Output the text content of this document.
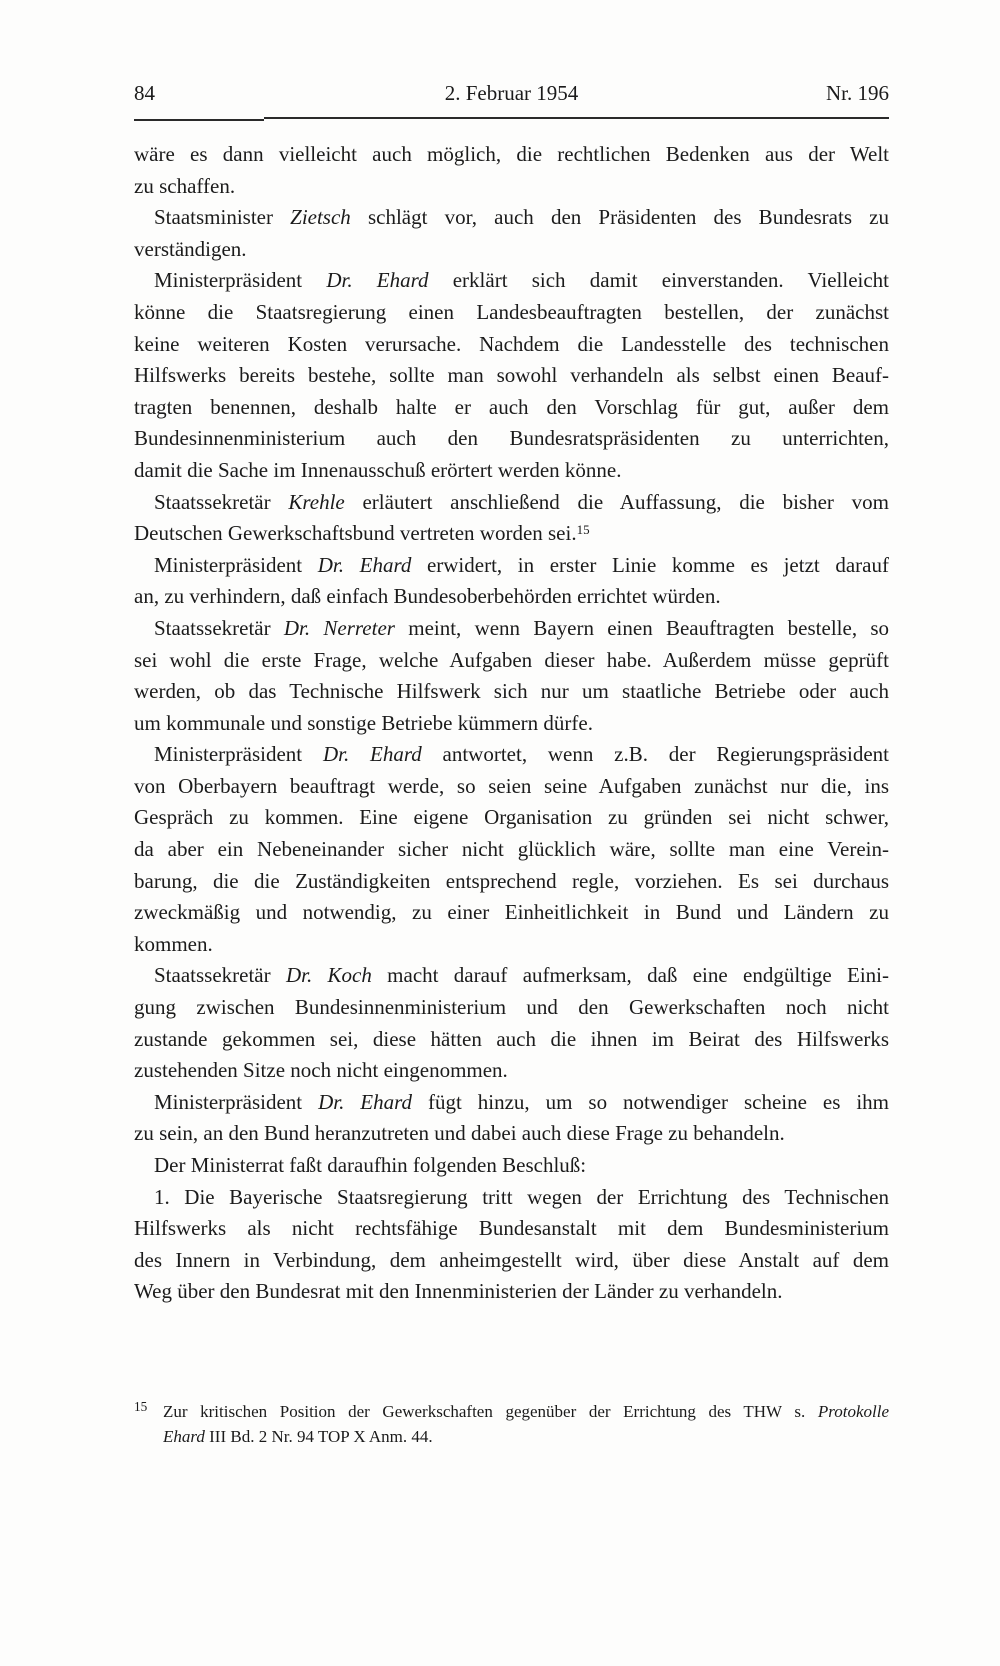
84	2. Februar 1954	Nr. 196
wäre es dann vielleicht auch möglich, die rechtlichen Bedenken aus der Welt
zu schaffen.
Staatsminister Zietsch schlägt vor, auch den Präsidenten des Bundesrats zu
verständigen.
Ministerpräsident Dr. Ehard erklärt sich damit einverstanden. Vielleicht
könne die Staatsregierung einen Landesbeauftragten bestellen, der zunächst
keine weiteren Kosten verursache. Nachdem die Landesstelle des technischen
Hilfswerks bereits bestehe, sollte man sowohl verhandeln als selbst einen Beauf-
tragten benennen, deshalb halte er auch den Vorschlag für gut, außer dem
Bundesinnenministerium auch den Bundesratspräsidenten zu unterrichten,
damit die Sache im Innenausschuß erörtert werden könne.
Staatssekretär Krehle erläutert anschließend die Auffassung, die bisher vom
Deutschen Gewerkschaftsbund vertreten worden sei.$^{15}$
Ministerpräsident Dr. Ehard erwidert, in erster Linie komme es jetzt darauf
an, zu verhindern, daß einfach Bundesoberbehörden errichtet würden.
Staatssekretär Dr. Nerreter meint, wenn Bayern einen Beauftragten bestelle, so
sei wohl die erste Frage, welche Aufgaben dieser habe. Außerdem müsse geprüft
werden, ob das Technische Hilfswerk sich nur um staatliche Betriebe oder auch
um kommunale und sonstige Betriebe kümmern dürfe.
Ministerpräsident Dr. Ehard antwortet, wenn z.B. der Regierungspräsident
von Oberbayern beauftragt werde, so seien seine Aufgaben zunächst nur die, ins
Gespräch zu kommen. Eine eigene Organisation zu gründen sei nicht schwer,
da aber ein Nebeneinander sicher nicht glücklich wäre, sollte man eine Verein-
barung, die die Zuständigkeiten entsprechend regle, vorziehen. Es sei durchaus
zweckmäßig und notwendig, zu einer Einheitlichkeit in Bund und Ländern zu
kommen.
Staatssekretär Dr. Koch macht darauf aufmerksam, daß eine endgültige Eini-
gung zwischen Bundesinnenministerium und den Gewerkschaften noch nicht
zustande gekommen sei, diese hätten auch die ihnen im Beirat des Hilfswerks
zustehenden Sitze noch nicht eingenommen.
Ministerpräsident Dr. Ehard fügt hinzu, um so notwendiger scheine es ihm
zu sein, an den Bund heranzutreten und dabei auch diese Frage zu behandeln.
Der Ministerrat faßt daraufhin folgenden Beschluß:
1. Die Bayerische Staatsregierung tritt wegen der Errichtung des Technischen
Hilfswerks als nicht rechtsfähige Bundesanstalt mit dem Bundesministerium
des Innern in Verbindung, dem anheimgestellt wird, über diese Anstalt auf dem
Weg über den Bundesrat mit den Innenministerien der Länder zu verhandeln.
15 Zur kritischen Position der Gewerkschaften gegenüber der Errichtung des THW s. Protokolle
Ehard III Bd. 2 Nr. 94 TOP X Anm. 44.
